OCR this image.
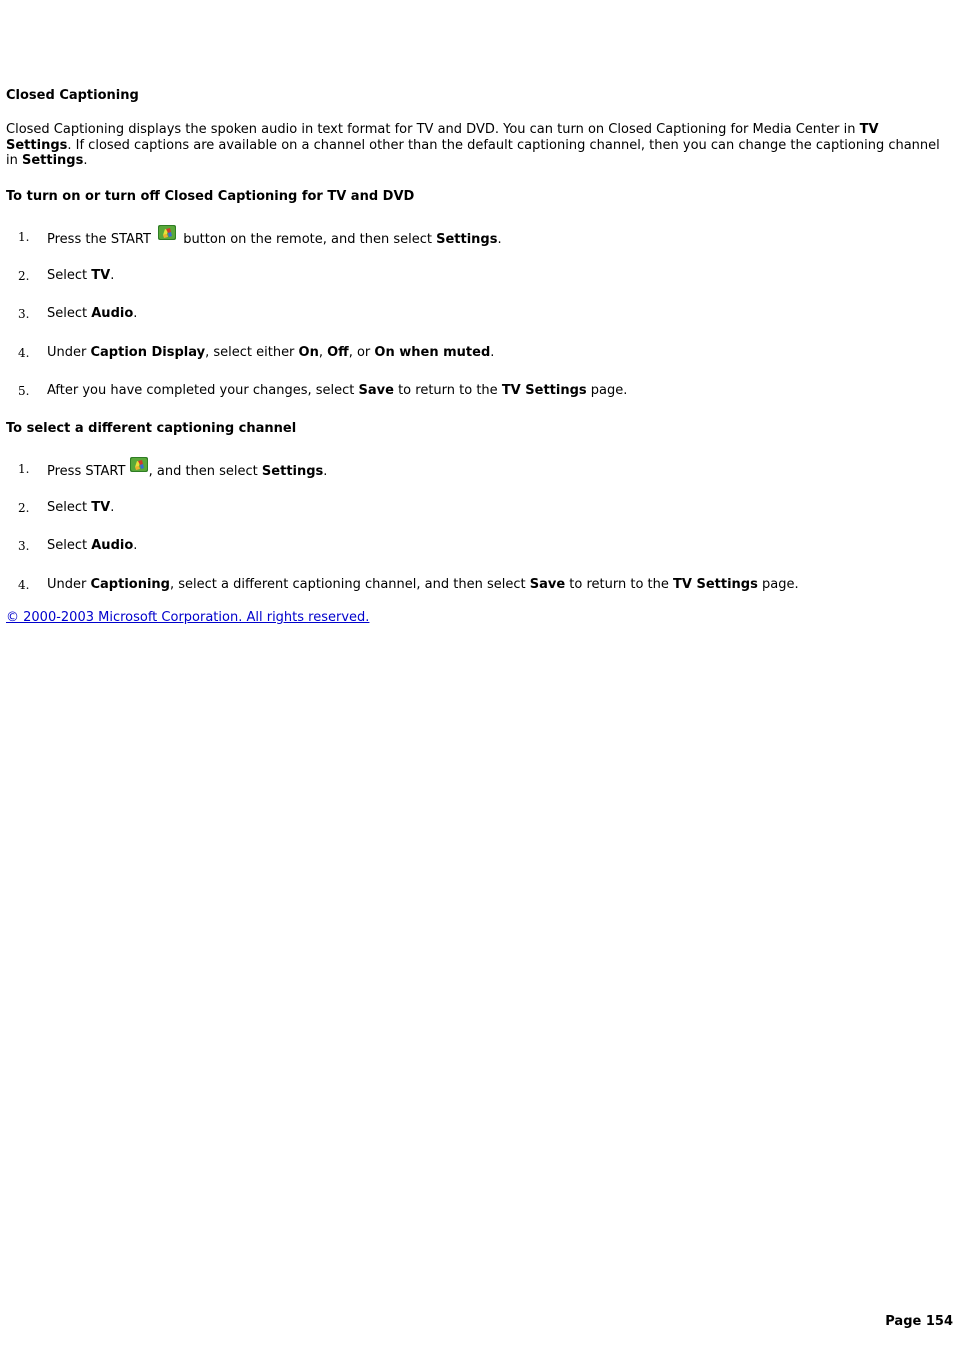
Closed Captioning
Closed Captioning displays the spoken audio in text format for TV and DVD. You can turn on Closed Captioning for Media Center in TV Settings. If closed captions are available on a channel other than the default captioning channel, then you can change the captioning channel in Settings.
To turn on or turn off Closed Captioning for TV and DVD
1. Press the START  button on the remote, and then select Settings.
2. Select TV.
3. Select Audio.
4. Under Caption Display, select either On, Off, or On when muted.
5. After you have completed your changes, select Save to return to the TV Settings page.
To select a different captioning channel
1. Press START , and then select Settings.
2. Select TV.
3. Select Audio.
4. Under Captioning, select a different captioning channel, and then select Save to return to the TV Settings page.
© 2000-2003 Microsoft Corporation. All rights reserved.
Page 154
